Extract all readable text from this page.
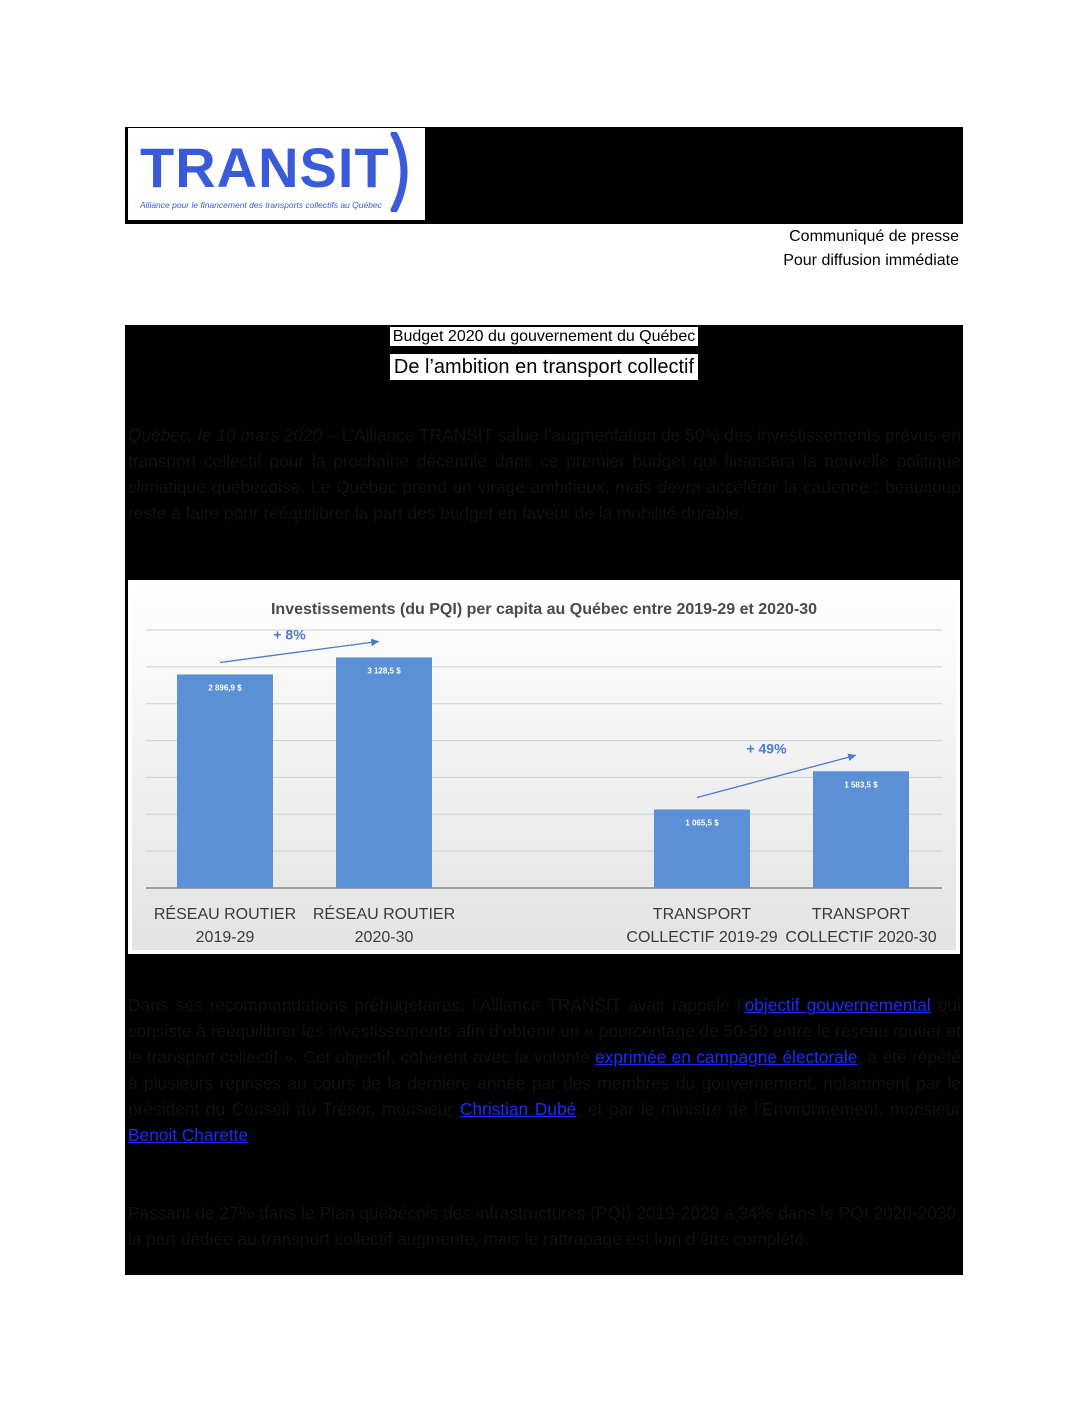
TRANSIT
Alliance pour le financement des transports collectifs au Québec
Communiqué de presse
Pour diffusion immédiate
Budget 2020 du gouvernement du Québec
De l’ambition en transport collectif

Québec, le 10 mars 2020 – L’Alliance TRANSIT salue l’augmentation de 50% des investissements prévus en transport collectif pour la prochaine décennie dans ce premier budget qui financera la nouvelle politique climatique québécoise. Le Québec prend un virage ambitieux, mais devra accélérer la cadence : beaucoup reste à faire pour rééquilibrer la part des budget en faveur de la mobilité durable.

Investissements (du PQI) per capita au Québec entre 2019-29 et 2020-30
2 896,9 $
RÉSEAU ROUTIER
2019-29
3 128,5 $
RÉSEAU ROUTIER
2020-30
1 065,5 $
TRANSPORT
COLLECTIF 2019-29
1 583,5 $
TRANSPORT
COLLECTIF 2020-30
+ 8%
+ 49%

Dans ses recommandations prébugétaires, l’Alliance TRANSIT avait rappelé l’objectif gouvernemental qui consiste à rééquilibrer les investissements afin d’obtenir un « pourcentage de 50-50 entre le réseau routier et le transport collectif ». Cet objectif, cohérent avec la volonté exprimée en campagne électorale, a été répété à plusieurs reprises au cours de la dernière année par des membres du gouvernement, notamment par le président du Conseil du Trésor, monsieur Christian Dubé, et par le ministre de l’Environnement, monsieur Benoit Charette.

Passant de 27% dans le Plan québécois des infrastructures (PQI) 2019-2029 à 34% dans le PQI 2020-2030, la part dédiée au transport collectif augmente, mais le rattrapage est loin d’être complété.
